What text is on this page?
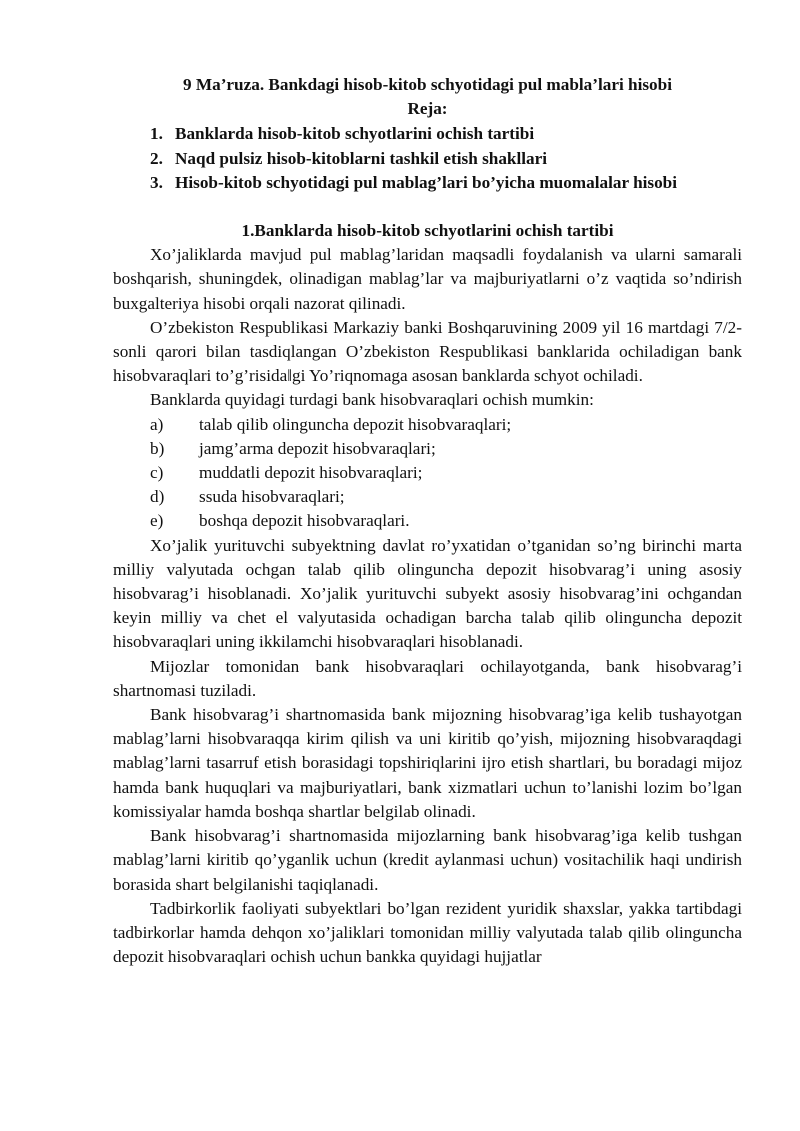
9 Ma’ruza. Bankdagi hisob-kitob schyotidagi pul mabla’lari hisobi
Reja:
1. Banklarda hisob-kitob schyotlarini ochish tartibi
2. Naqd pulsiz hisob-kitoblarni tashkil etish shakllari
3. Hisob-kitob schyotidagi pul mablag’lari bo’yicha muomalalar hisobi
1.Banklarda hisob-kitob schyotlarini ochish tartibi

Xo’jaliklarda mavjud pul mablag’laridan maqsadli foydalanish va ularni samarali boshqarish, shuningdek, olinadigan mablag’lar va majburiyatlarni o’z vaqtida so’ndirish buxgalteriya hisobi orqali nazorat qilinadi.

O’zbekiston Respublikasi Markaziy banki Boshqaruvining 2009 yil 16 martdagi 7/2-sonli qarori bilan tasdiqlangan O’zbekiston Respublikasi banklarida ochiladigan bank hisobvaraqlari to’g’risida‖gi Yo’riqnomaga asosan banklarda schyot ochiladi.

Banklarda quyidagi turdagi bank hisobvaraqlari ochish mumkin:

a) talab qilib olinguncha depozit hisobvaraqlari;
b) jamg’arma depozit hisobvaraqlari;
c) muddatli depozit hisobvaraqlari;
d) ssuda hisobvaraqlari;
e) boshqa depozit hisobvaraqlari.

Xo’jalik yurituvchi subyektning davlat ro’yxatidan o’tganidan so’ng birinchi marta milliy valyutada ochgan talab qilib olinguncha depozit hisobvarag’i uning asosiy hisobvarag’i hisoblanadi. Xo’jalik yurituvchi subyekt asosiy hisobvarag’ini ochgandan keyin milliy va chet el valyutasida ochadigan barcha talab qilib olinguncha depozit hisobvaraqlari uning ikkilamchi hisobvaraqlari hisoblanadi.

Mijozlar tomonidan bank hisobvaraqlari ochilayotganda, bank hisobvarag’i shartnomasi tuziladi.

Bank hisobvarag’i shartnomasida bank mijozning hisobvarag’iga kelib tushayotgan mablag’larni hisobvaraqqa kirim qilish va uni kiritib qo’yish, mijozning hisobvaraqdagi mablag’larni tasarruf etish borasidagi topshiriqlarini ijro etish shartlari, bu boradagi mijoz hamda bank huquqlari va majburiyatlari, bank xizmatlari uchun to’lanishi lozim bo’lgan komissiyalar hamda boshqa shartlar belgilab olinadi.

Bank hisobvarag’i shartnomasida mijozlarning bank hisobvarag’iga kelib tushgan mablag’larni kiritib qo’yganlik uchun (kredit aylanmasi uchun) vositachilik haqi undirish borasida shart belgilanishi taqiqlanadi.

Tadbirkorlik faoliyati subyektlari bo’lgan rezident yuridik shaxslar, yakka tartibdagi tadbirkorlar hamda dehqon xo’jaliklari tomonidan milliy valyutada talab qilib olinguncha depozit hisobvaraqlari ochish uchun bankka quyidagi hujjatlar
